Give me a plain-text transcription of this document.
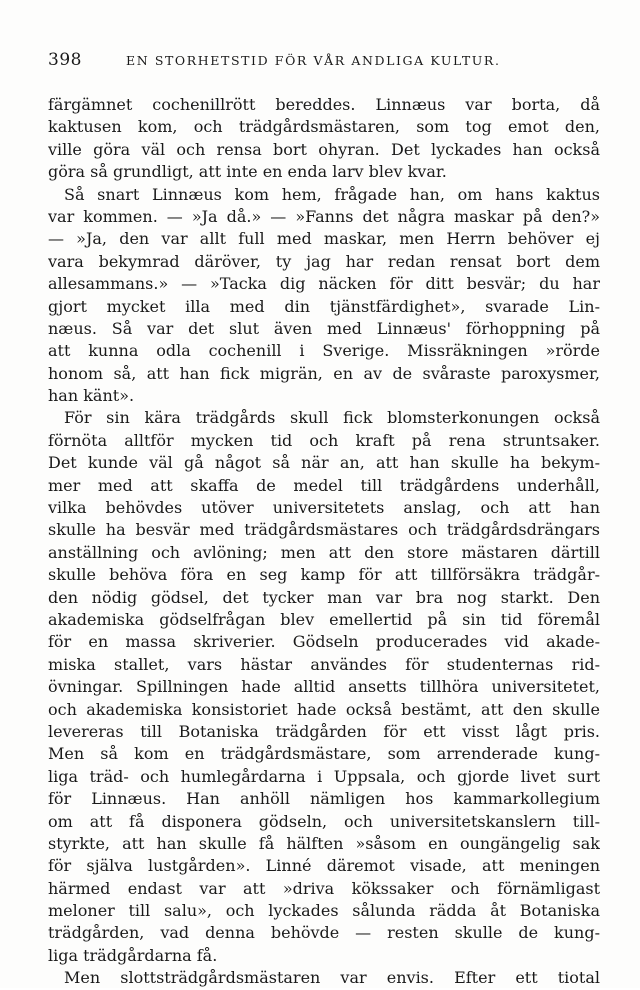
398	EN STORHETSTID FÖR VÅR ANDLIGA KULTUR.
färgämnet cochenillrött bereddes. Linnæus var borta, då
kaktusen kom, och trädgårdsmästaren, som tog emot den,
ville göra väl och rensa bort ohyran. Det lyckades han också
göra så grundligt, att inte en enda larv blev kvar.
Så snart Linnæus kom hem, frågade han, om hans kaktus
var kommen. — »Ja då.» — »Fanns det några maskar på den?»
— »Ja, den var allt full med maskar, men Herrn behöver ej
vara bekymrad däröver, ty jag har redan rensat bort dem
allesammans.» — »Tacka dig näcken för ditt besvär; du har
gjort mycket illa med din tjänstfärdighet», svarade Lin-
næus. Så var det slut även med Linnæus' förhoppning på
att kunna odla cochenill i Sverige. Missräkningen »rörde
honom så, att han fick migrän, en av de svåraste paroxysmer,
han känt».
För sin kära trädgårds skull fick blomsterkonungen också
förnöta alltför mycken tid och kraft på rena struntsaker.
Det kunde väl gå något så när an, att han skulle ha bekym-
mer med att skaffa de medel till trädgårdens underhåll,
vilka behövdes utöver universitetets anslag, och att han
skulle ha besvär med trädgårdsmästares och trädgårdsdrängars
anställning och avlöning; men att den store mästaren därtill
skulle behöva föra en seg kamp för att tillförsäkra trädgår-
den nödig gödsel, det tycker man var bra nog starkt. Den
akademiska gödselfrågan blev emellertid på sin tid föremål
för en massa skriverier. Gödseln producerades vid akade-
miska stallet, vars hästar användes för studenternas rid-
övningar. Spillningen hade alltid ansetts tillhöra universitetet,
och akademiska konsistoriet hade också bestämt, att den skulle
levereras till Botaniska trädgården för ett visst lågt pris.
Men så kom en trädgårdsmästare, som arrenderade kung-
liga träd- och humlegårdarna i Uppsala, och gjorde livet surt
för Linnæus. Han anhöll nämligen hos kammarkollegium
om att få disponera gödseln, och universitetskanslern till-
styrkte, att han skulle få hälften »såsom en oungängelig sak
för själva lustgården». Linné däremot visade, att meningen
härmed endast var att »driva kökssaker och förnämligast
meloner till salu», och lyckades sålunda rädda åt Botaniska
trädgården, vad denna behövde — resten skulle de kung-
liga trädgårdarna få.
Men slottsträdgårdsmästaren var envis. Efter ett tiotal
